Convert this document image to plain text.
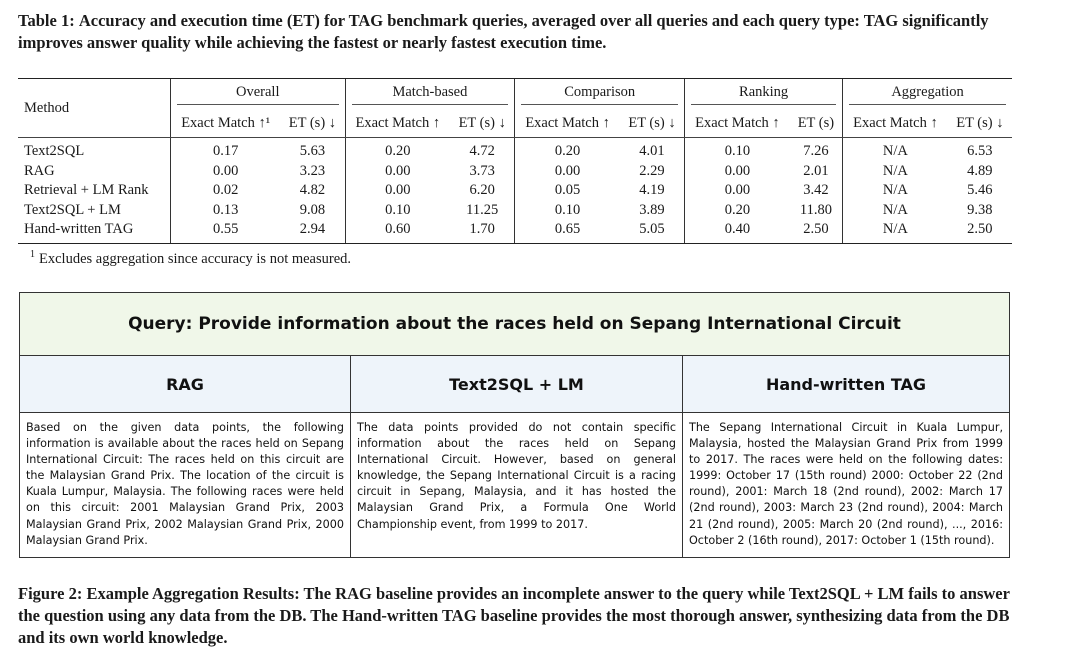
Table 1: Accuracy and execution time (ET) for TAG benchmark queries, averaged over all queries and each query type: TAG significantly improves answer quality while achieving the fastest or nearly fastest execution time.
Method	Overall		Match-based		Comparison		Ranking		Aggregation	
	Exact Match ↑¹	ET (s) ↓	Exact Match ↑	ET (s) ↓	Exact Match ↑	ET (s) ↓	Exact Match ↑	ET (s)	Exact Match ↑	ET (s) ↓
Text2SQL	0.17	5.63	0.20	4.72	0.20	4.01	0.10	7.26	N/A	6.53
RAG	0.00	3.23	0.00	3.73	0.00	2.29	0.00	2.01	N/A	4.89
Retrieval + LM Rank	0.02	4.82	0.00	6.20	0.05	4.19	0.00	3.42	N/A	5.46
Text2SQL + LM	0.13	9.08	0.10	11.25	0.10	3.89	0.20	11.80	N/A	9.38
Hand-written TAG	0.55	2.94	0.60	1.70	0.65	5.05	0.40	2.50	N/A	2.50
$^1$ Excludes aggregation since accuracy is not measured.
Query: Provide information about the races held on Sepang International Circuit
RAG
Based on the given data points, the following information is available about the races held on Sepang International Circuit: The races held on this circuit are the Malaysian Grand Prix. The location of the circuit is Kuala Lumpur, Malaysia. The following races were held on this circuit: 2001 Malaysian Grand Prix, 2003 Malaysian Grand Prix, 2002 Malaysian Grand Prix, 2000 Malaysian Grand Prix.
Text2SQL + LM
The data points provided do not contain specific information about the races held on Sepang International Circuit. However, based on general knowledge, the Sepang International Circuit is a racing circuit in Sepang, Malaysia, and it has hosted the Malaysian Grand Prix, a Formula One World Championship event, from 1999 to 2017.
Hand-written TAG
The Sepang International Circuit in Kuala Lumpur, Malaysia, hosted the Malaysian Grand Prix from 1999 to 2017. The races were held on the following dates: 1999: October 17 (15th round) 2000: October 22 (2nd round), 2001: March 18 (2nd round), 2002: March 17 (2nd round), 2003: March 23 (2nd round), 2004: March 21 (2nd round), 2005: March 20 (2nd round), ..., 2016: October 2 (16th round), 2017: October 1 (15th round).
Figure 2: Example Aggregation Results: The RAG baseline provides an incomplete answer to the query while Text2SQL + LM fails to answer the question using any data from the DB. The Hand-written TAG baseline provides the most thorough answer, synthesizing data from the DB and its own world knowledge.
